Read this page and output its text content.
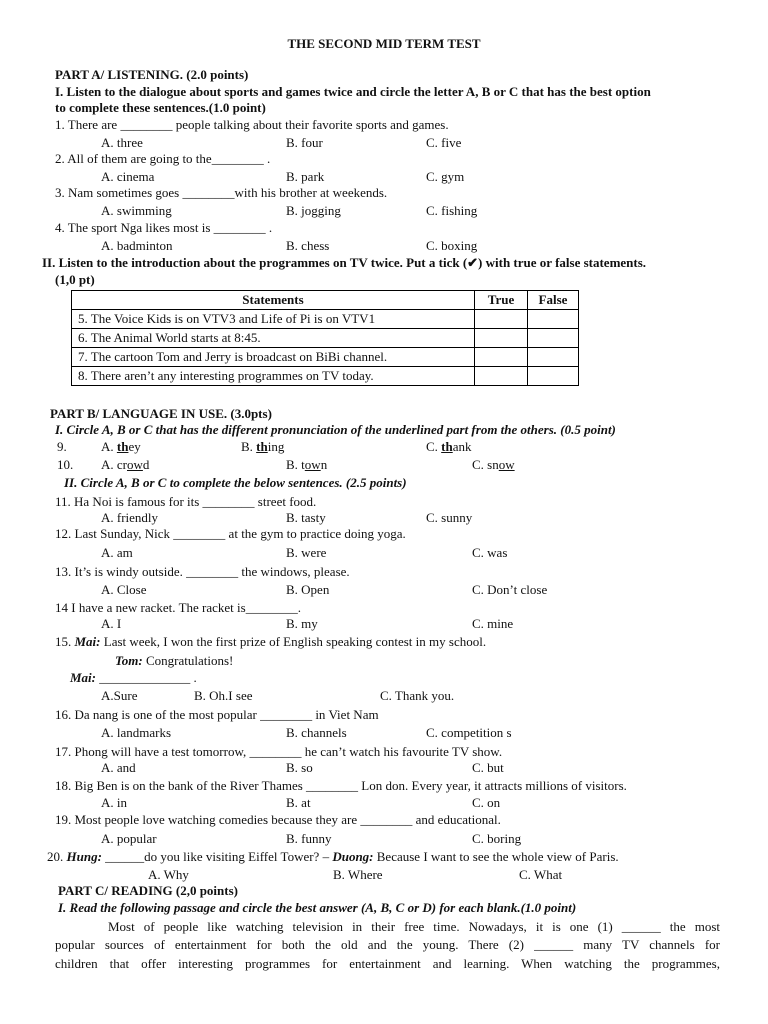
THE SECOND MID TERM TEST
PART A/ LISTENING. (2.0 points)
I. Listen to the dialogue about sports and games twice and circle the letter A, B or C that has the best option
to complete these sentences.(1.0 point)
1. There are ________ people talking about their favorite sports and games.
A. three	B. four	C. five
2. All of them are going to the________ .
A. cinema	B. park	C. gym
3. Nam sometimes goes ________with his brother at weekends.
A. swimming	B. jogging	C. fishing
4. The sport Nga likes most is ________ .
A. badminton	B. chess	C. boxing
II. Listen to the introduction about the programmes on TV twice. Put a tick (✔) with true or false statements.
(1,0 pt)
Statements	True	False
5. The Voice Kids is on VTV3 and Life of Pi is on VTV1		
6. The Animal World starts at 8:45.		
7. The cartoon Tom and Jerry is broadcast on BiBi channel.		
8. There aren’t any interesting programmes on TV today.		
PART B/ LANGUAGE IN USE. (3.0pts)
I. Circle A, B or C that has the different pronunciation of the underlined part from the others. (0.5 point)
9.	A. they	B. thing	C. thank
10. A. crowd	B. town	C. snow
II. Circle A, B or C to complete the below sentences. (2.5 points)
11. Ha Noi is famous for its ________ street food.
A. friendly	B. tasty	C. sunny
12. Last Sunday, Nick ________ at the gym to practice doing yoga.
A. am	B. were	C. was
13. It’s is windy outside. ________ the windows, please.
A. Close	B. Open	C. Don’t close
14 I have a new racket. The racket is________.
A. I	B. my	C. mine
15. Mai: Last week, I won the first prize of English speaking contest in my school.
Tom: Congratulations!
Mai: ______________ .
A.Sure	B. Oh.I see	C. Thank you.
16. Da nang is one of the most popular ________ in Viet Nam
A. landmarks	B. channels	C. competition s
17. Phong will have a test tomorrow, ________ he can’t watch his favourite TV show.
A. and	B. so	C. but
18. Big Ben is on the bank of the River Thames ________ Lon don. Every year, it attracts millions of visitors.
A. in	B. at	C. on
19. Most people love watching comedies because they are ________ and educational.
A. popular	B. funny	C. boring
20. Hung: ______do you like visiting Eiffel Tower? – Duong: Because I want to see the whole view of Paris.
A. Why	B. Where	C. What
PART C/ READING (2,0 points)
I. Read the following passage and circle the best answer (A, B, C or D) for each blank.(1.0 point)
Most of people like watching television in their free time. Nowadays, it is one (1) ______ the most
popular sources of entertainment for both the old and the young. There (2) ______ many TV channels for
children that offer interesting programmes for entertainment and learning. When watching the programmes,
